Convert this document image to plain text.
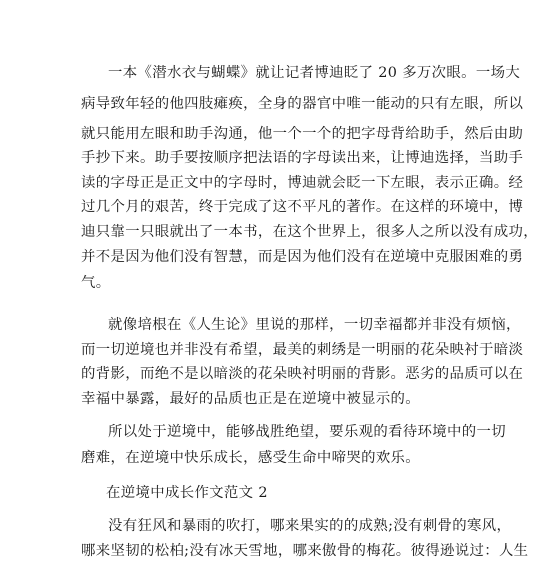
一本《潜水衣与蝴蝶》就让记者博迪眨了 20 多万次眼。一场大
病导致年轻的他四肢瘫痪，全身的器官中唯一能动的只有左眼，所以
就只能用左眼和助手沟通，他一个一个的把字母背给助手，然后由助
手抄下来。助手要按顺序把法语的字母读出来，让博迪选择，当助手
读的字母正是正文中的字母时，博迪就会眨一下左眼，表示正确。经
过几个月的艰苦，终于完成了这不平凡的著作。在这样的环境中，博
迪只靠一只眼就出了一本书，在这个世界上，很多人之所以没有成功，
并不是因为他们没有智慧，而是因为他们没有在逆境中克服困难的勇
气。
就像培根在《人生论》里说的那样，一切幸福都并非没有烦恼，
而一切逆境也并非没有希望，最美的刺绣是一明丽的花朵映衬于暗淡
的背影，而绝不是以暗淡的花朵映衬明丽的背影。恶劣的品质可以在
幸福中暴露，最好的品质也正是在逆境中被显示的。
所以处于逆境中，能够战胜绝望，要乐观的看待环境中的一切
磨难，在逆境中快乐成长，感受生命中啼哭的欢乐。
在逆境中成长作文范文 2
没有狂风和暴雨的吹打，哪来果实的的成熟;没有刺骨的寒风，
哪来坚韧的松柏;没有冰天雪地，哪来傲骨的梅花。彼得逊说过：人生
